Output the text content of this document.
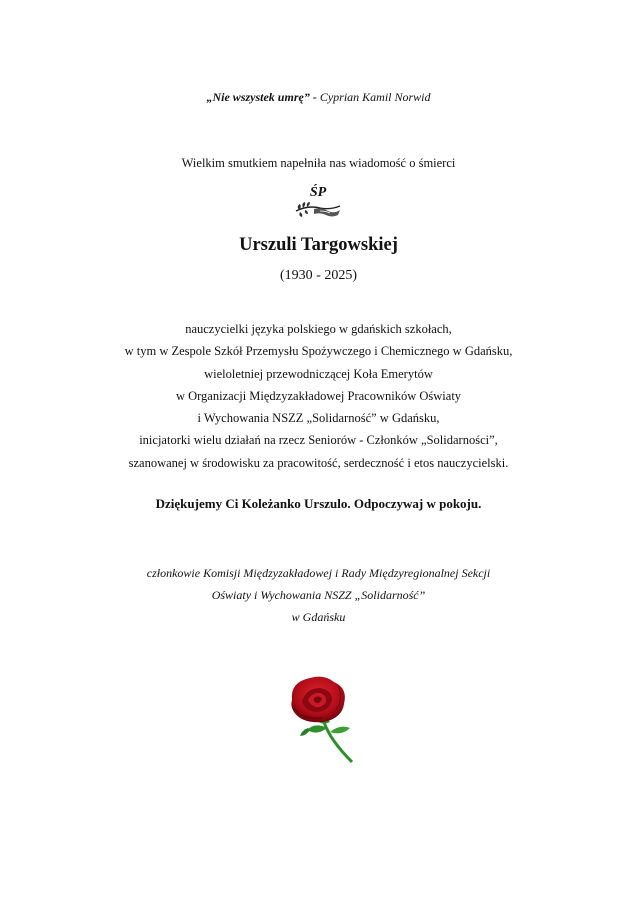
„Nie wszystek umrę” - Cyprian Kamil Norwid
Wielkim smutkiem napełniła nas wiadomość o śmierci
ŚP
Urszuli Targowskiej
(1930 - 2025)
nauczycielki języka polskiego w gdańskich szkołach,
w tym w Zespole Szkół Przemysłu Spożywczego i Chemicznego w Gdańsku,
wieloletniej przewodniczącej Koła Emerytów
w Organizacji Międzyzakładowej Pracowników Oświaty
i Wychowania NSZZ „Solidarność” w Gdańsku,
inicjatorki wielu działań na rzecz Seniorów - Członków „Solidarności”,
szanowanej w środowisku za pracowitość, serdeczność i etos nauczycielski.
Dziękujemy Ci Koleżanko Urszulo. Odpoczywaj w pokoju.
członkowie Komisji Międzyzakładowej i Rady Międzyregionalnej Sekcji
Oświaty i Wychowania NSZZ „Solidarność”
w Gdańsku
